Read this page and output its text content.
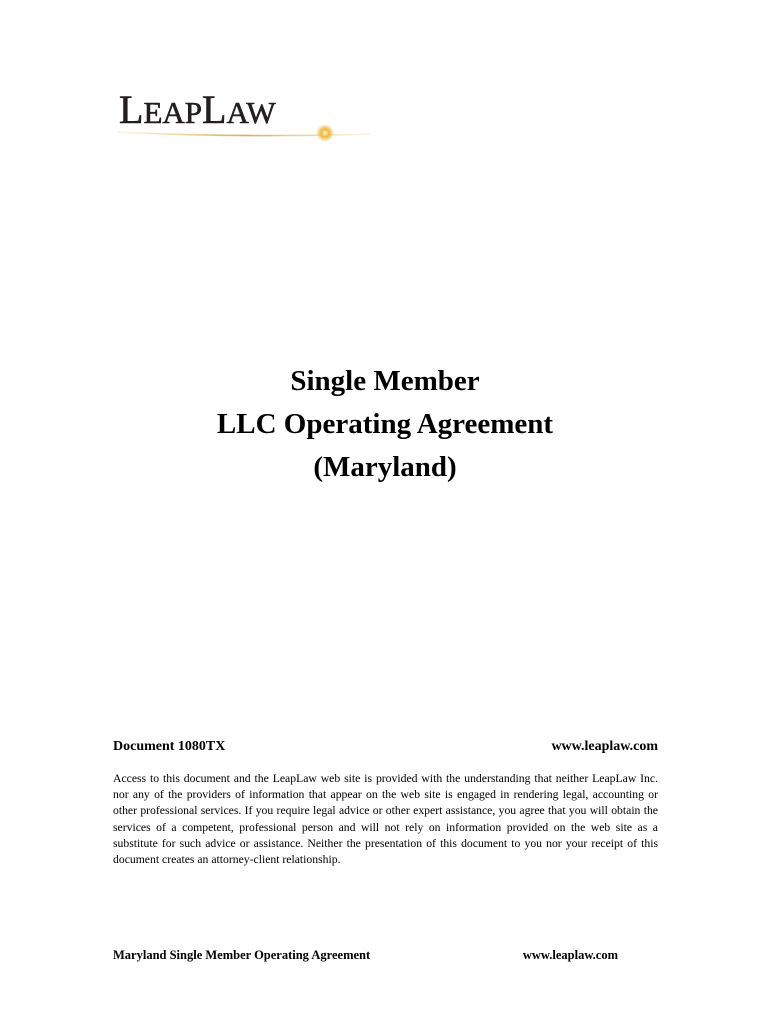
LEAPLAW

Single Member

LLC Operating Agreement

(Maryland)

Document 1080TX	www.leaplaw.com

Access to this document and the LeapLaw web site is provided with the understanding that neither LeapLaw Inc. nor any of the providers of information that appear on the web site is engaged in rendering legal, accounting or other professional services. If you require legal advice or other expert assistance, you agree that you will obtain the services of a competent, professional person and will not rely on information provided on the web site as a substitute for such advice or assistance. Neither the presentation of this document to you nor your receipt of this document creates an attorney-client relationship.

Maryland Single Member Operating Agreement	www.leaplaw.com
